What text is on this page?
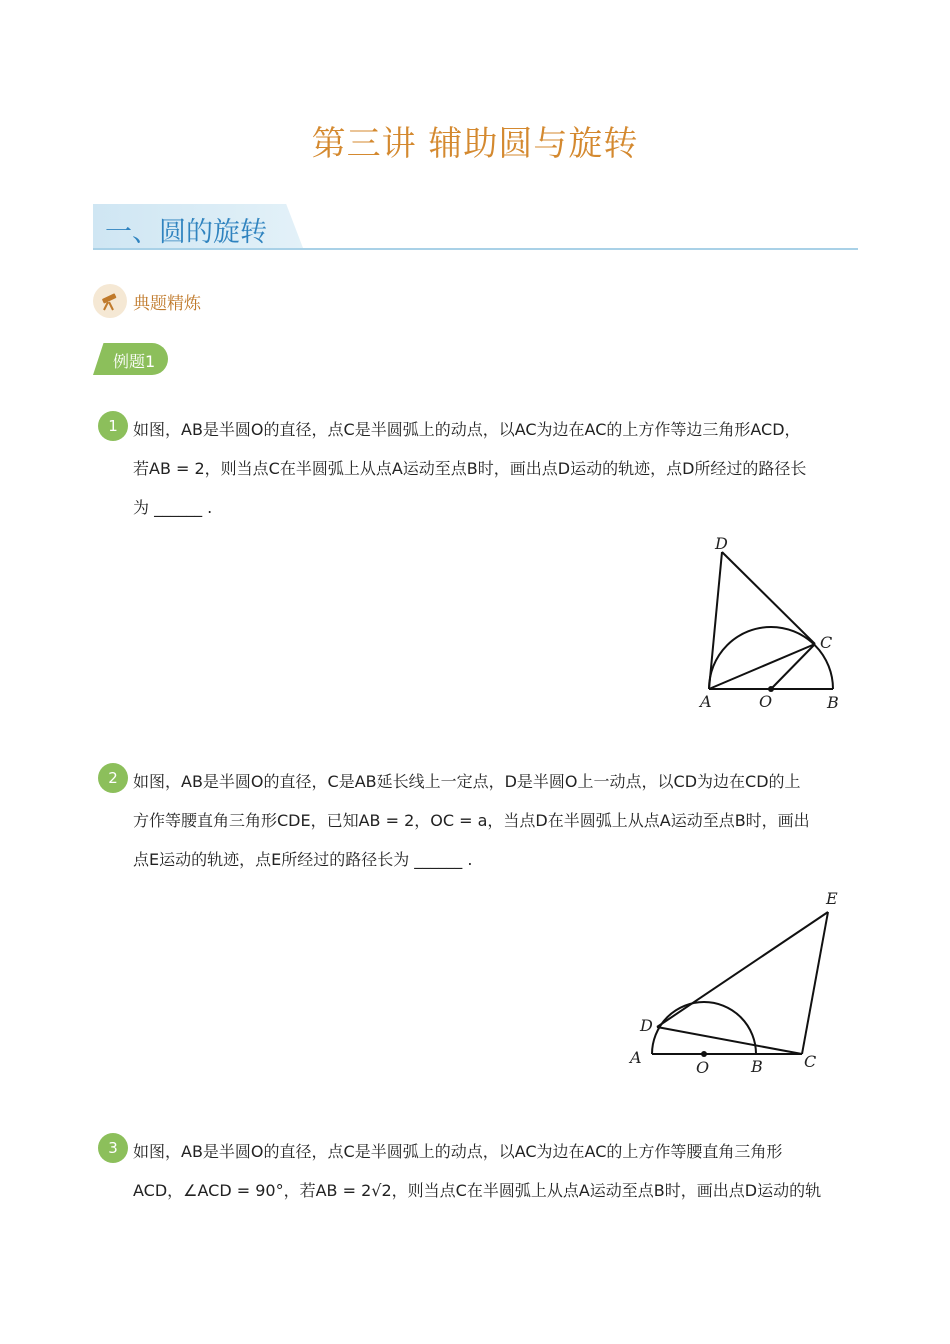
第三讲 辅助圆与旋转
一、圆的旋转
典题精炼
例题1
1 如图，AB是半圆O的直径，点C是半圆弧上的动点，以AC为边在AC的上方作等边三角形ACD，
若AB = 2，则当点C在半圆弧上从点A运动至点B时，画出点D运动的轨迹，点D所经过的路径长
为 ______ .
D
C
A	O	B
2 如图，AB是半圆O的直径，C是AB延长线上一定点，D是半圆O上一动点，以CD为边在CD的上
方作等腰直角三角形CDE，已知AB = 2，OC = a，当点D在半圆弧上从点A运动至点B时，画出
点E运动的轨迹，点E所经过的路径长为 ______ .
E
D
A
O	B	C
3 如图，AB是半圆O的直径，点C是半圆弧上的动点，以AC为边在AC的上方作等腰直角三角形
ACD，∠ACD = 90°，若AB = 2√2，则当点C在半圆弧上从点A运动至点B时，画出点D运动的轨
